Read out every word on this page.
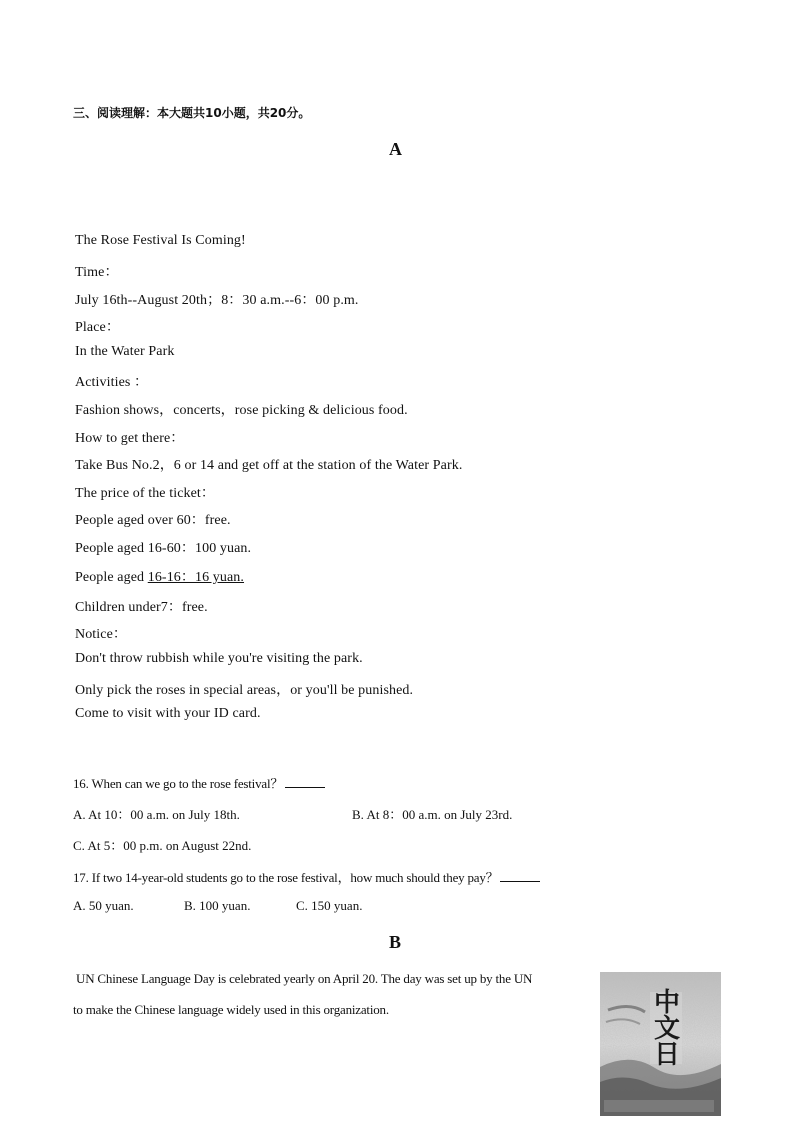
三、阅读理解：本大题共10小题，共20分。
A
The Rose Festival Is Coming!
Time：
July 16th--August 20th；8：30 a.m.--6：00 p.m.
Place：
In the Water Park
Activities ：
Fashion shows，concerts，rose picking & delicious food.
How to get there：
Take Bus No.2，6 or 14 and get off at the station of the Water Park.
The price of the ticket：
People aged over 60：free.
People aged 16-60：100 yuan.
People aged 16-16：16 yuan.
Children under7：free.
Notice：
Don't throw rubbish while you're visiting the park.
Only pick the roses in special areas，or you'll be punished.
Come to visit with your ID card.
16. When can we go to the rose festival？
A. At 10：00 a.m. on July 18th.	B. At 8：00 a.m. on July 23rd.
C. At 5：00 p.m. on August 22nd.
17. If two 14-year-old students go to the rose festival，how much should they pay？
A. 50 yuan.	B. 100 yuan.	C. 150 yuan.
B
UN Chinese Language Day is celebrated yearly on April 20. The day was set up by the UN
to make the Chinese language widely used in this organization.	中文日
